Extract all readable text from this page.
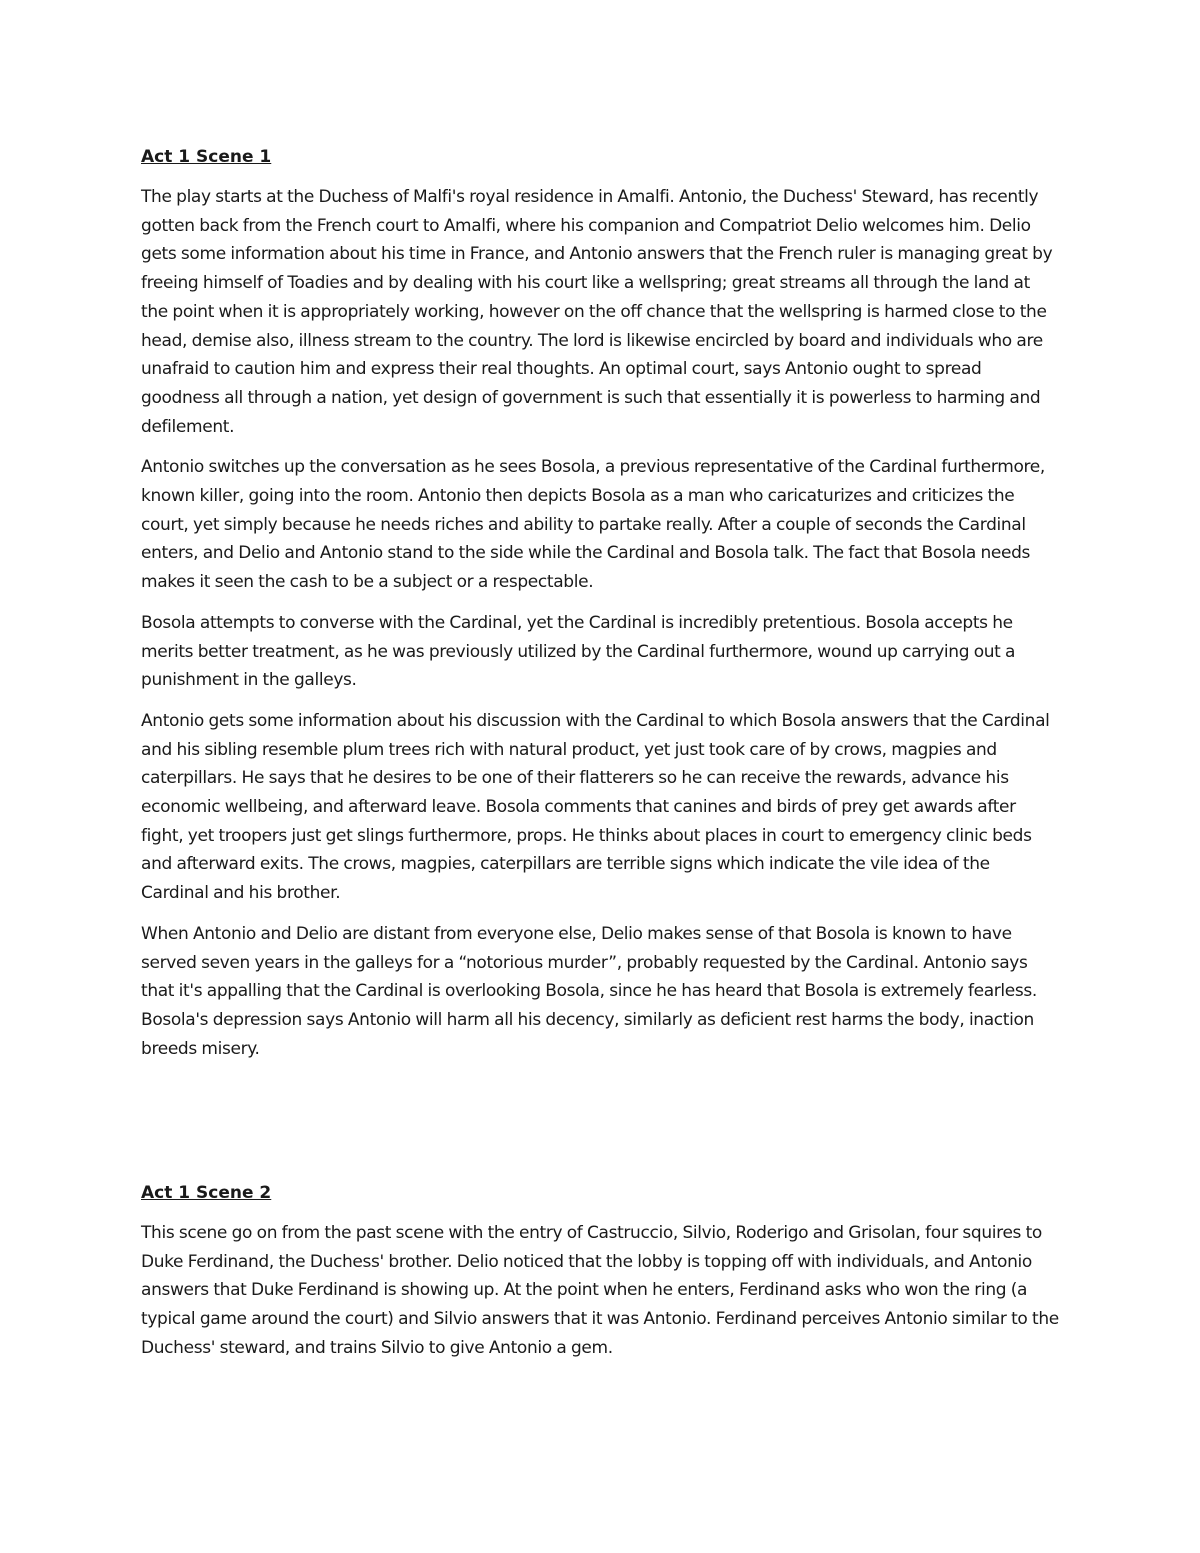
Act 1 Scene 1

The play starts at the Duchess of Malfi's royal residence in Amalfi. Antonio, the Duchess' Steward, has recently gotten back from the French court to Amalfi, where his companion and Compatriot Delio welcomes him. Delio gets some information about his time in France, and Antonio answers that the French ruler is managing great by freeing himself of Toadies and by dealing with his court like a wellspring; great streams all through the land at the point when it is appropriately working, however on the off chance that the wellspring is harmed close to the head, demise also, illness stream to the country. The lord is likewise encircled by board and individuals who are unafraid to caution him and express their real thoughts. An optimal court, says Antonio ought to spread goodness all through a nation, yet design of government is such that essentially it is powerless to harming and defilement.

Antonio switches up the conversation as he sees Bosola, a previous representative of the Cardinal furthermore, known killer, going into the room. Antonio then depicts Bosola as a man who caricaturizes and criticizes the court, yet simply because he needs riches and ability to partake really. After a couple of seconds the Cardinal enters, and Delio and Antonio stand to the side while the Cardinal and Bosola talk. The fact that Bosola needs makes it seen the cash to be a subject or a respectable.

Bosola attempts to converse with the Cardinal, yet the Cardinal is incredibly pretentious. Bosola accepts he merits better treatment, as he was previously utilized by the Cardinal furthermore, wound up carrying out a punishment in the galleys.

Antonio gets some information about his discussion with the Cardinal to which Bosola answers that the Cardinal and his sibling resemble plum trees rich with natural product, yet just took care of by crows, magpies and caterpillars. He says that he desires to be one of their flatterers so he can receive the rewards, advance his economic wellbeing, and afterward leave. Bosola comments that canines and birds of prey get awards after fight, yet troopers just get slings furthermore, props. He thinks about places in court to emergency clinic beds and afterward exits. The crows, magpies, caterpillars are terrible signs which indicate the vile idea of the Cardinal and his brother.

When Antonio and Delio are distant from everyone else, Delio makes sense of that Bosola is known to have served seven years in the galleys for a “notorious murder”, probably requested by the Cardinal. Antonio says that it's appalling that the Cardinal is overlooking Bosola, since he has heard that Bosola is extremely fearless. Bosola's depression says Antonio will harm all his decency, similarly as deficient rest harms the body, inaction breeds misery.

Act 1 Scene 2

This scene go on from the past scene with the entry of Castruccio, Silvio, Roderigo and Grisolan, four squires to Duke Ferdinand, the Duchess' brother. Delio noticed that the lobby is topping off with individuals, and Antonio answers that Duke Ferdinand is showing up. At the point when he enters, Ferdinand asks who won the ring (a typical game around the court) and Silvio answers that it was Antonio. Ferdinand perceives Antonio similar to the Duchess' steward, and trains Silvio to give Antonio a gem.
